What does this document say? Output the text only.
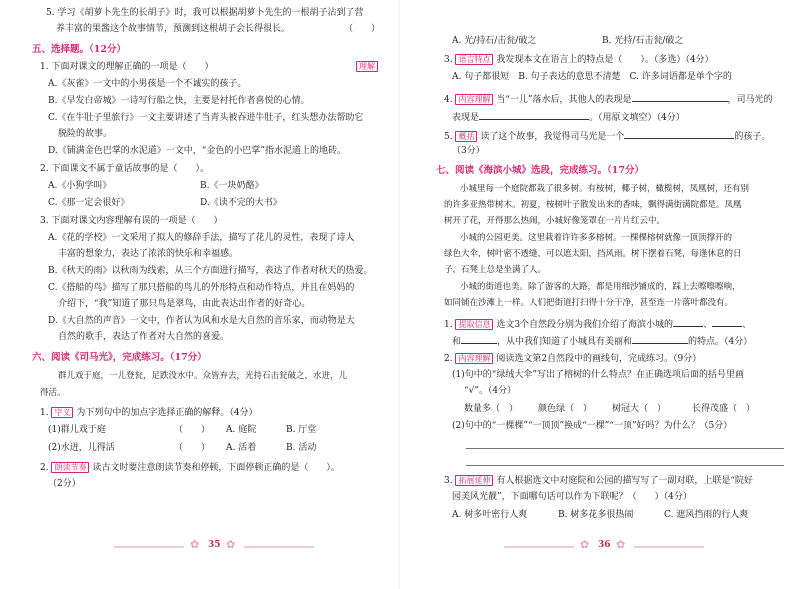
5. 学习《胡萝卜先生的长胡子》时，我可以根据胡萝卜先生的一根胡子沾到了营
养丰富的果酱这个故事情节，预测到这根胡子会长得很长。	（　　）
五、选择题。（12分）
1. 下面对课文的理解正确的一项是（　　）	理解
A.《灰雀》一文中的小男孩是一个不诚实的孩子。
B.《早发白帝城》一诗写行船之快，主要是衬托作者喜悦的心情。
C.《在牛肚子里旅行》一文主要讲述了当青头被吞进牛肚子，红头想办法帮助它
脱险的故事。
D.《铺满金色巴掌的水泥道》一文中，“金色的小巴掌”指水泥道上的地砖。
2. 下面课文不属于童话故事的是（　　）。
A.《小狗学叫》	B.《一块奶酪》
C.《那一定会很好》	D.《读不完的大书》
3. 下面对课文内容理解有误的一项是（　　）
A.《花的学校》一文采用了拟人的修辞手法，描写了花儿的灵性，表现了诗人
丰富的想象力，表达了浓浓的快乐和幸福感。
B.《秋天的雨》以秋雨为线索，从三个方面进行描写，表达了作者对秋天的热爱。
C.《搭船的鸟》描写了那只搭船的鸟儿的外形特点和动作特点，并且在妈妈的
介绍下，“我”知道了那只鸟是翠鸟，由此表达出作者的好奇心。
D.《大自然的声音》一文中，作者认为风和水是大自然的音乐家，而动物是大
自然的歌手，表达了作者对大自然的喜爱。
六、阅读《司马光》，完成练习。（17分）
群儿戏于庭，一儿登瓮，足跌没水中。众皆弃去，光持石击瓮破之，水迸，儿
得活。
1. 字义 为下列句中的加点字选择正确的解释。（4分）
(1)群儿戏于庭	（　　） A. 庭院	B. 厅堂
(2)水迸，儿得活	（　　） A. 活着	B. 活动
2. 朗读节奏 读古文时要注意朗读节奏和停顿，下面停顿正确的是（　　）。
（2分）
✿ 35 ✿
A. 光/持石/击瓮/破之	B. 光持/石击瓮/破之
3. 语言特点 我发现本文在语言上的特点是（　　）。（多选）（4分）
A. 句子都很短　B. 句子表达的意思不清楚　C. 许多词语都是单个字的
4. 内容理解 当“一儿”落水后，其他人的表现是	，司马光的
表现是	。（用原文填空）（4分）
5. 概括 读了这个故事，我觉得司马光是一个	的孩子。
（3分）
七、阅读《海滨小城》选段，完成练习。（17分）
小城里每一个庭院都栽了很多树。有桉树，椰子树，橄榄树，凤凰树，还有别
的许多亚热带树木。初夏，桉树叶子散发出来的香味，飘得满街满院都是。凤凰
树开了花，开得那么热闹，小城好像笼罩在一片片红云中。
小城的公园更美。这里栽着许许多多榕树。一棵棵榕树就像一顶顶撑开的
绿色大伞，树叶密不透缝，可以遮太阳，挡风雨。树下摆着石凳，每逢休息的日
子，石凳上总是坐满了人。
小城的街道也美。除了游客的大路，都是用细沙铺成的，踩上去嚓嚓嚓响，
如同铺在沙滩上一样。人们把街道打扫得十分干净，甚至连一片落叶都没有。
1. 提取信息 选文3个自然段分别为我们介绍了海滨小城的	、	、
和	，从中我们知道了小城具有美丽和	的特点。（4分）
2. 内容理解 阅读选文第2自然段中的画线句，完成练习。（9分）
(1)句中的“绿绒大伞”写出了榕树的什么特点？在正确选项后面的括号里画
“√”。（4分）
数量多（　） 颜色绿（　） 树冠大（　）	长得茂盛（　）
(2)句中的“一棵棵”“一顶顶”换成“一棵”“一顶”好吗？为什么？（5分）
3. 拓展延伸 有人根据选文中对庭院和公园的描写写了一副对联，上联是“院好
园美风光靓”，下面哪句话可以作为下联呢？（　　）（4分）
A. 树多叶密行人爽	B. 树多花多很热闹	C. 遮风挡雨的行人爽
✿ 36 ✿
